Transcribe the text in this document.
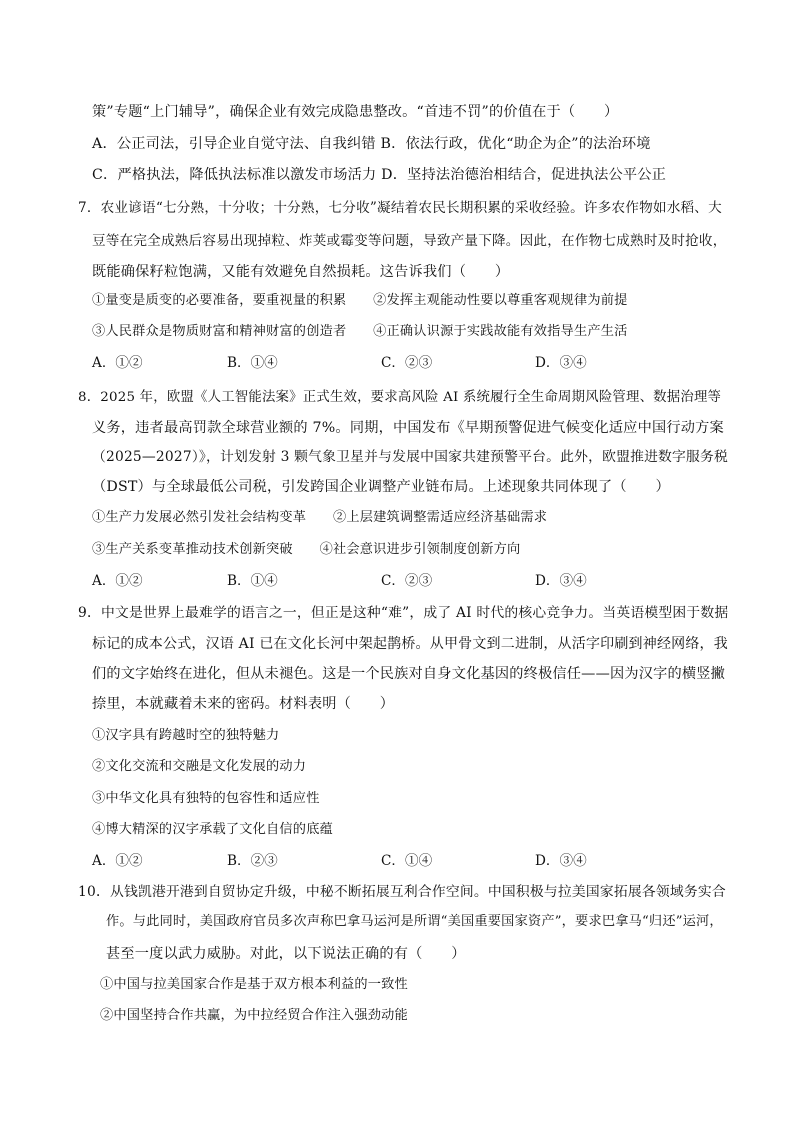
策”专题“上门辅导”，确保企业有效完成隐患整改。“首违不罚”的价值在于（　　）
A．公正司法，引导企业自觉守法、自我纠错 B．依法行政，优化“助企为企”的法治环境
C．严格执法，降低执法标准以激发市场活力 D．坚持法治德治相结合，促进执法公平公正
7．农业谚语“七分熟，十分收；十分熟，七分收”凝结着农民长期积累的采收经验。许多农作物如水稻、大
豆等在完全成熟后容易出现掉粒、炸荚或霉变等问题，导致产量下降。因此，在作物七成熟时及时抢收，
既能确保籽粒饱满，又能有效避免自然损耗。这告诉我们（　　）
①量变是质变的必要准备，要重视量的积累　　②发挥主观能动性要以尊重客观规律为前提
③人民群众是物质财富和精神财富的创造者　　④正确认识源于实践故能有效指导生产生活
A．①②	B．①④	C．②③	D．③④
8．2025 年，欧盟《人工智能法案》正式生效，要求高风险 AI 系统履行全生命周期风险管理、数据治理等
义务，违者最高罚款全球营业额的 7%。同期，中国发布《早期预警促进气候变化适应中国行动方案
（2025—2027）》，计划发射 3 颗气象卫星并与发展中国家共建预警平台。此外，欧盟推进数字服务税
（DST）与全球最低公司税，引发跨国企业调整产业链布局。上述现象共同体现了（　　）
①生产力发展必然引发社会结构变革　　②上层建筑调整需适应经济基础需求
③生产关系变革推动技术创新突破　　④社会意识进步引领制度创新方向
A．①②	B．①④	C．②③	D．③④
9．中文是世界上最难学的语言之一，但正是这种“难”，成了 AI 时代的核心竞争力。当英语模型困于数据
标记的成本公式，汉语 AI 已在文化长河中架起鹊桥。从甲骨文到二进制，从活字印刷到神经网络，我
们的文字始终在进化，但从未褪色。这是一个民族对自身文化基因的终极信任——因为汉字的横竖撇
捺里，本就藏着未来的密码。材料表明（　　）
①汉字具有跨越时空的独特魅力
②文化交流和交融是文化发展的动力
③中华文化具有独特的包容性和适应性
④博大精深的汉字承载了文化自信的底蕴
A．①②	B．②③	C．①④	D．③④
10．从钱凯港开港到自贸协定升级，中秘不断拓展互利合作空间。中国积极与拉美国家拓展各领域务实合
作。与此同时，美国政府官员多次声称巴拿马运河是所谓“美国重要国家资产”，要求巴拿马“归还”运河，
甚至一度以武力威胁。对此，以下说法正确的有（　　）
①中国与拉美国家合作是基于双方根本利益的一致性
②中国坚持合作共赢，为中拉经贸合作注入强劲动能
